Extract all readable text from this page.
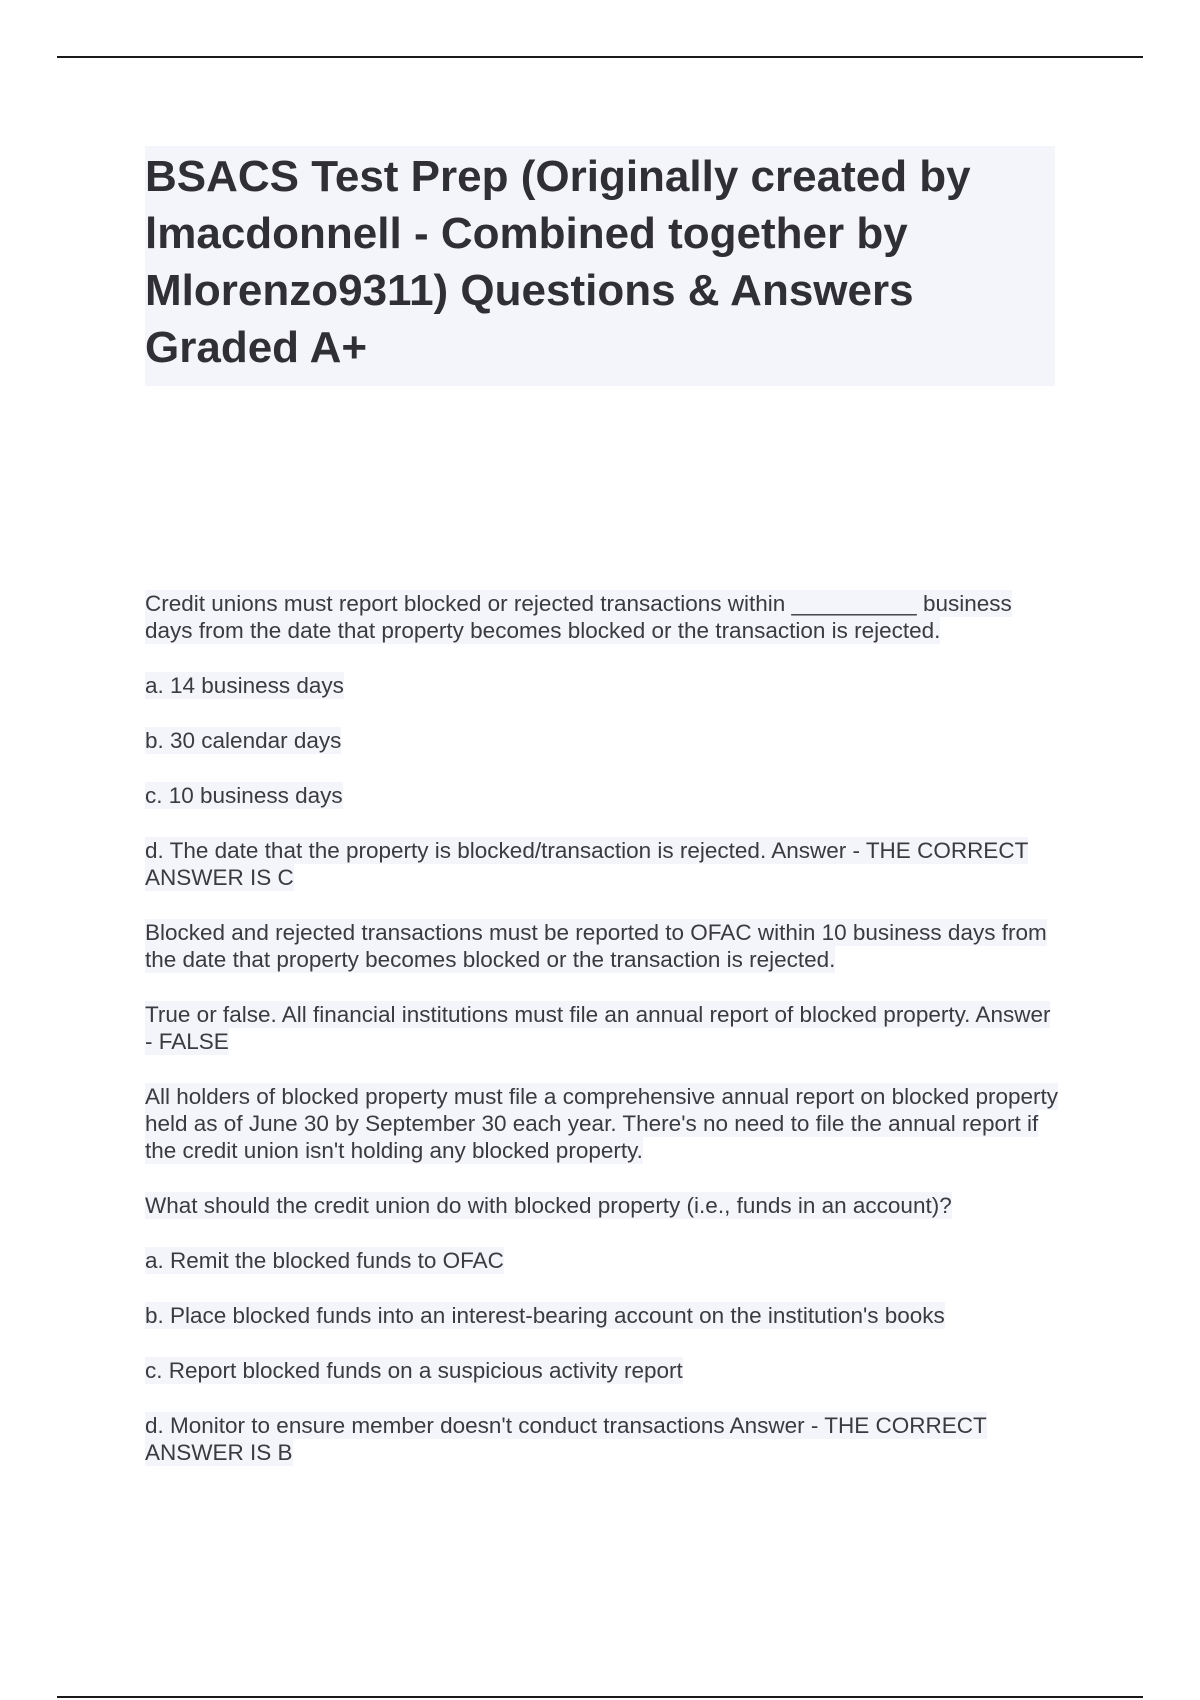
BSACS Test Prep (Originally created by lmacdonnell - Combined together by Mlorenzo9311) Questions & Answers Graded A+

Credit unions must report blocked or rejected transactions within __________ business days from the date that property becomes blocked or the transaction is rejected.

a. 14 business days

b. 30 calendar days

c. 10 business days

d. The date that the property is blocked/transaction is rejected. Answer - THE CORRECT ANSWER IS C

Blocked and rejected transactions must be reported to OFAC within 10 business days from the date that property becomes blocked or the transaction is rejected.

True or false. All financial institutions must file an annual report of blocked property. Answer - FALSE

All holders of blocked property must file a comprehensive annual report on blocked property held as of June 30 by September 30 each year. There's no need to file the annual report if the credit union isn't holding any blocked property.

What should the credit union do with blocked property (i.e., funds in an account)?

a. Remit the blocked funds to OFAC

b. Place blocked funds into an interest-bearing account on the institution's books

c. Report blocked funds on a suspicious activity report

d. Monitor to ensure member doesn't conduct transactions Answer - THE CORRECT ANSWER IS B
